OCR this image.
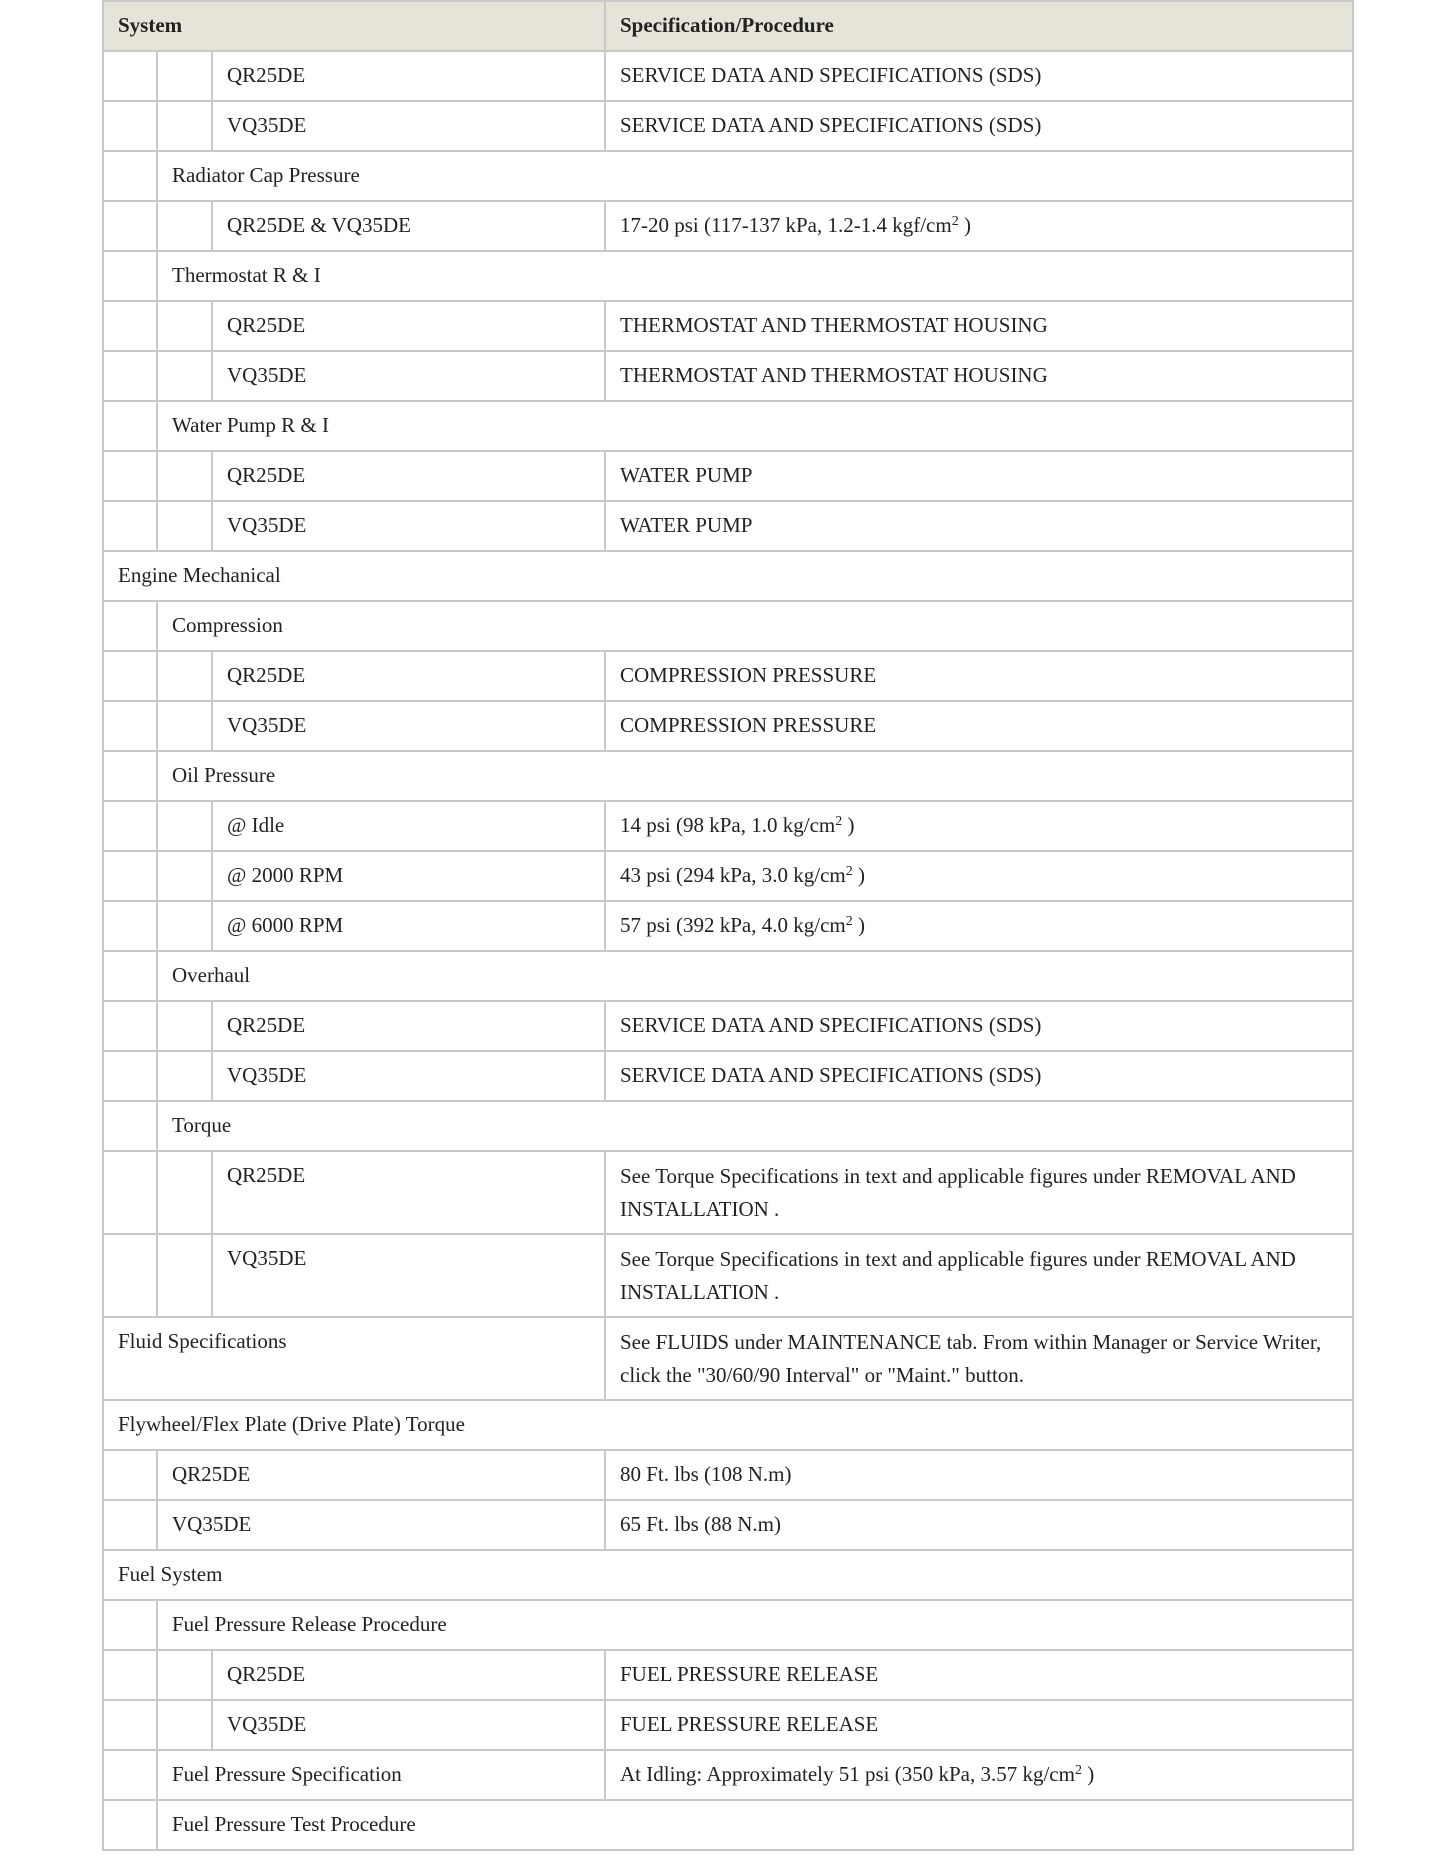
System			Specification/Procedure
		QR25DE	SERVICE DATA AND SPECIFICATIONS (SDS)
		VQ35DE	SERVICE DATA AND SPECIFICATIONS (SDS)
	Radiator Cap Pressure		
		QR25DE & VQ35DE	17-20 psi (117-137 kPa, 1.2-1.4 kgf/$cm^2$ )
	Thermostat R & I		
		QR25DE	THERMOSTAT AND THERMOSTAT HOUSING
		VQ35DE	THERMOSTAT AND THERMOSTAT HOUSING
	Water Pump R & I		
		QR25DE	WATER PUMP
		VQ35DE	WATER PUMP
Engine Mechanical			
	Compression		
		QR25DE	COMPRESSION PRESSURE
		VQ35DE	COMPRESSION PRESSURE
	Oil Pressure		
		@ Idle	14 psi (98 kPa, 1.0 $kg/cm^2$ )
		@ 2000 RPM	43 psi (294 kPa, 3.0 $kg/cm^2$ )
		@ 6000 RPM	57 psi (392 kPa, 4.0 $kg/cm^2$ )
	Overhaul		
		QR25DE	SERVICE DATA AND SPECIFICATIONS (SDS)
		VQ35DE	SERVICE DATA AND SPECIFICATIONS (SDS)
	Torque		
		QR25DE	See Torque Specifications in text and applicable figures under REMOVAL AND INSTALLATION .
		VQ35DE	See Torque Specifications in text and applicable figures under REMOVAL AND INSTALLATION .
Fluid Specifications			See FLUIDS under MAINTENANCE tab. From within Manager or Service Writer, click the "30/60/90 Interval" or "Maint." button.
Flywheel/Flex Plate (Drive Plate) Torque			
	QR25DE		80 Ft. lbs (108 N.m)
	VQ35DE		65 Ft. lbs (88 N.m)
Fuel System			
	Fuel Pressure Release Procedure		
		QR25DE	FUEL PRESSURE RELEASE
		VQ35DE	FUEL PRESSURE RELEASE
	Fuel Pressure Specification		At Idling: Approximately 51 psi (350 kPa, 3.57 $kg/cm^2$ )
	Fuel Pressure Test Procedure		
